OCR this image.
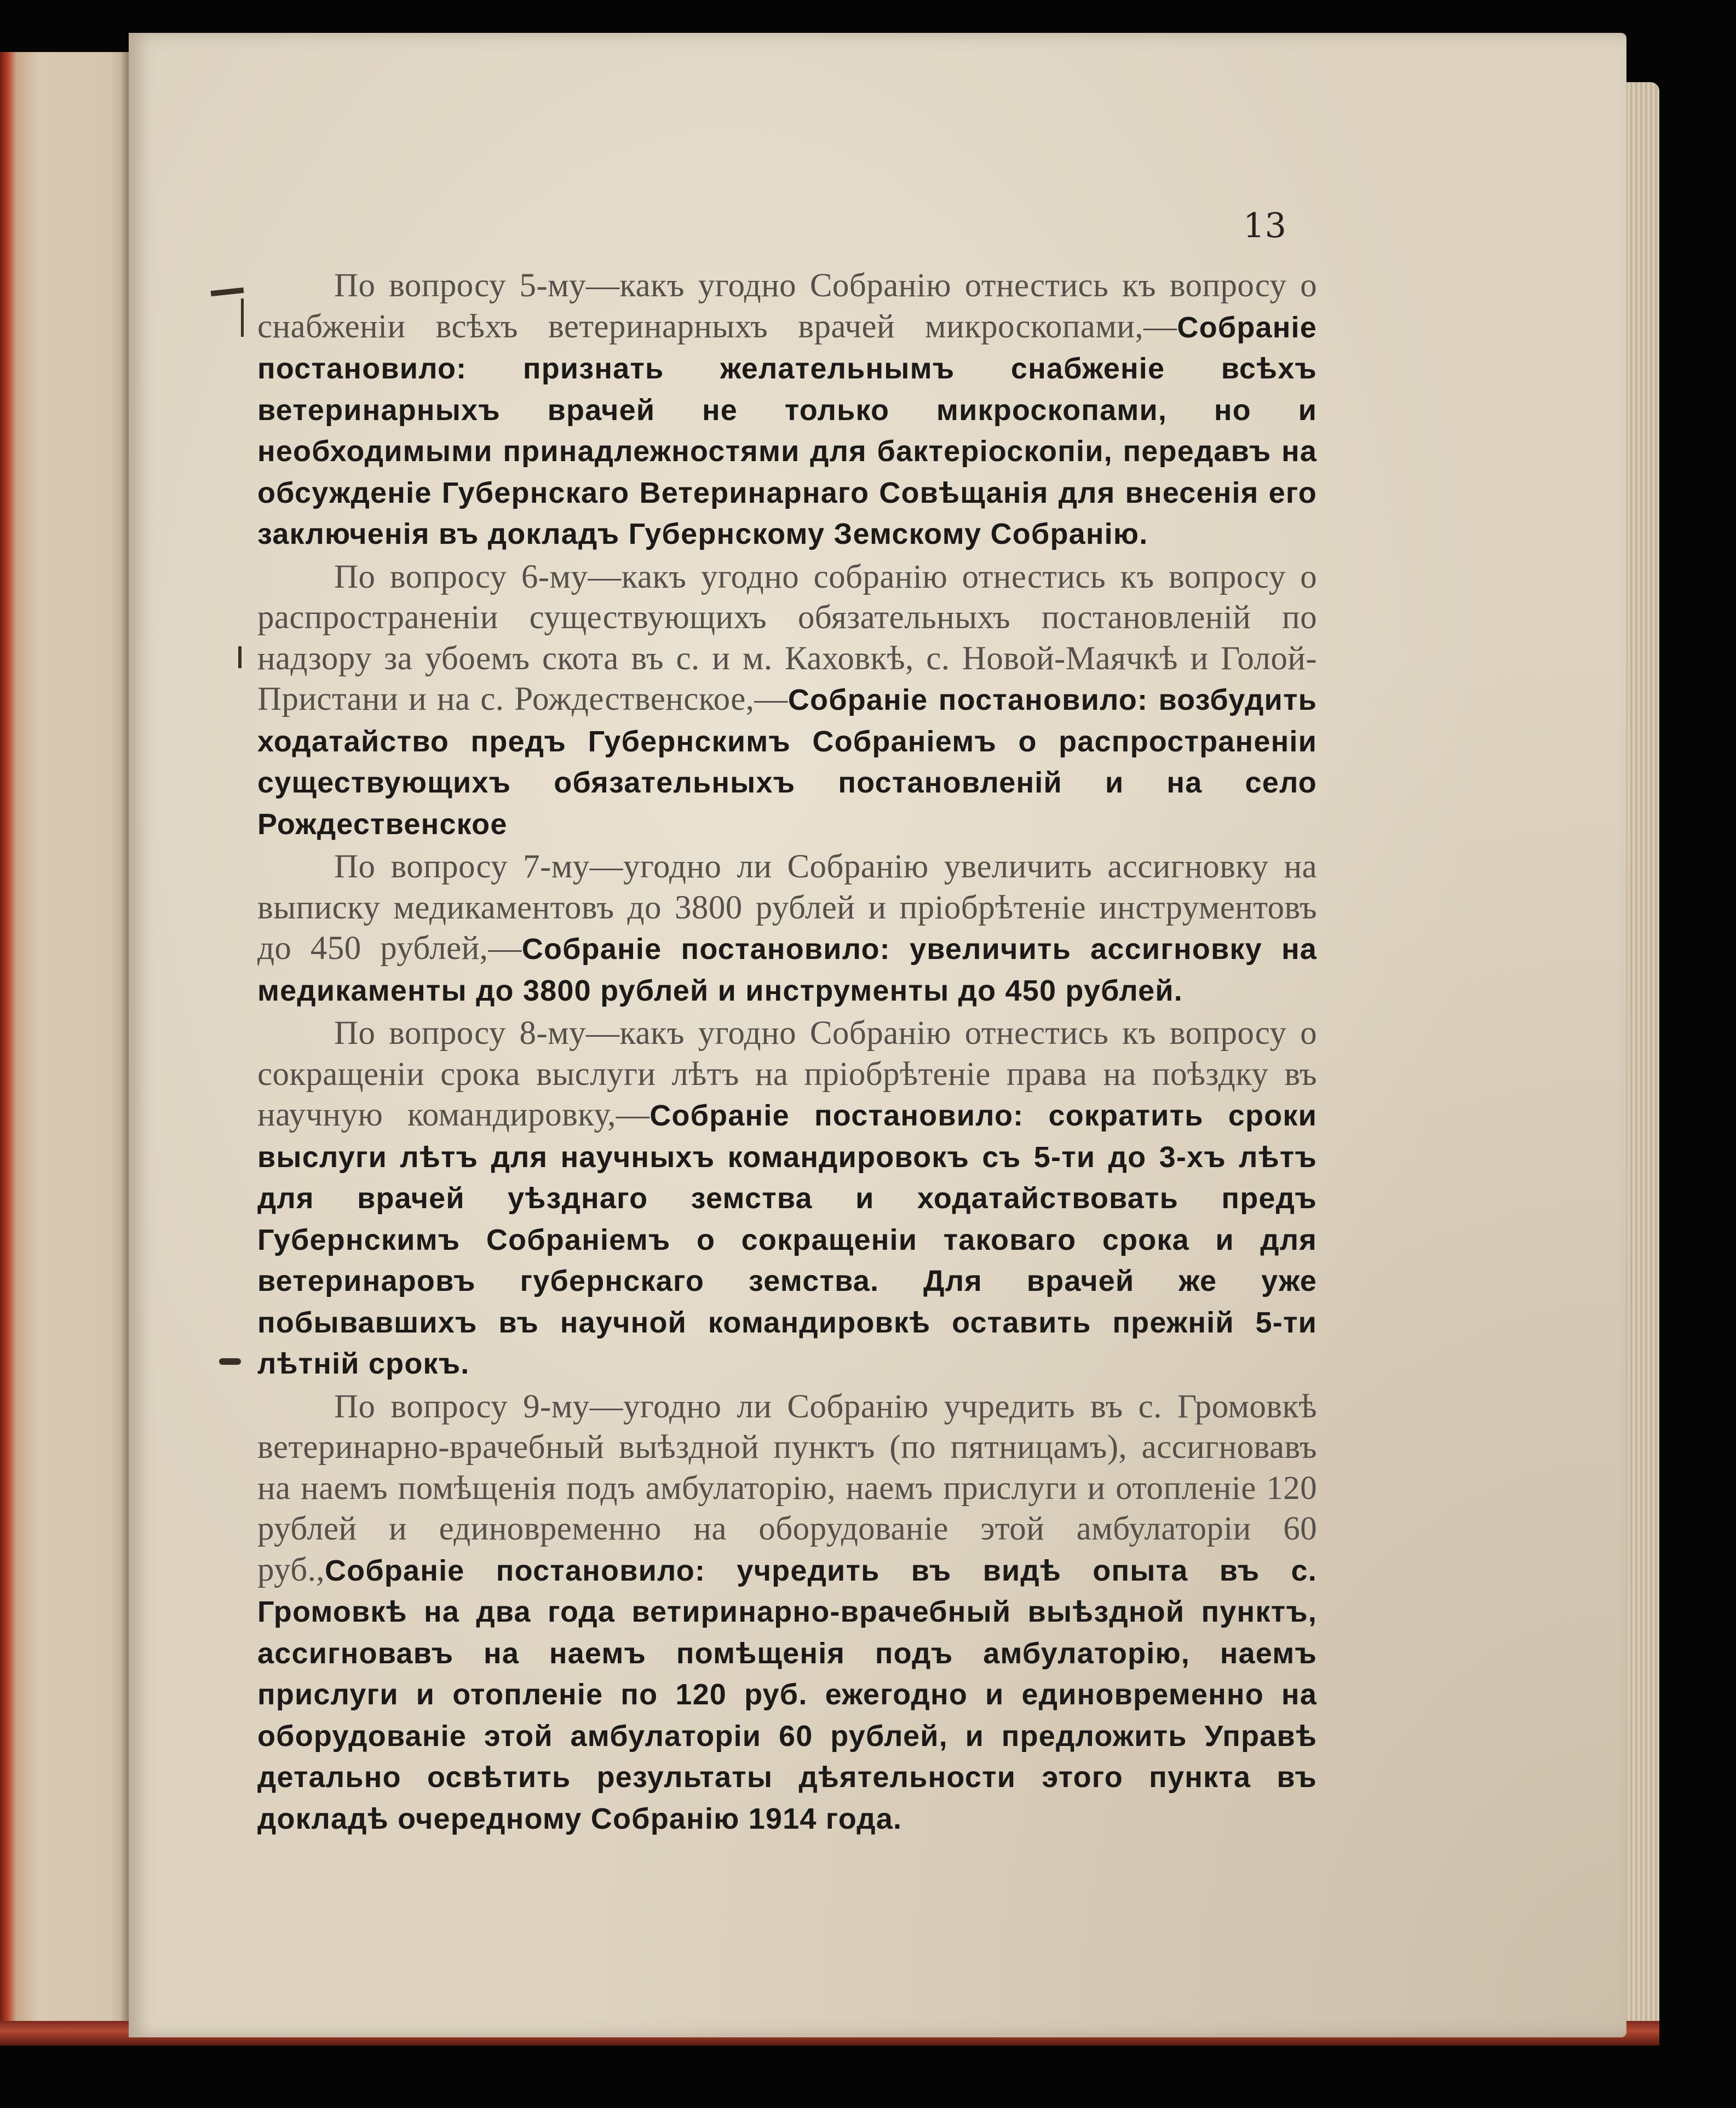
13

По вопросу 5-му—какъ угодно Собранію отнестись къ вопросу о снабженіи всѣхъ ветеринарныхъ врачей микроскопами,—Собраніе постановило: признать желательнымъ снабженіе всѣхъ ветеринарныхъ врачей не только микроскопами, но и необходимыми принадлежностями для бактеріоскопіи, передавъ на обсужденіе Губернскаго Ветеринарнаго Совѣщанія для внесенія его заключенія въ докладъ Губернскому Земскому Собранію.

По вопросу 6-му—какъ угодно собранію отнестись къ вопросу о распространеніи существующихъ обязательныхъ постановленій по надзору за убоемъ скота въ с. и м. Каховкѣ, с. Новой-Маячкѣ и Голой-Пристани и на с. Рождественское,—Собраніе постановило: возбудить ходатайство предъ Губернскимъ Собраніемъ о распространеніи существующихъ обязательныхъ постановленій и на село Рождественское

По вопросу 7-му—угодно ли Собранію увеличить ассигновку на выписку медикаментовъ до 3800 рублей и пріобрѣтеніе инструментовъ до 450 рублей,—Собраніе постановило: увеличить ассигновку на медикаменты до 3800 рублей и инструменты до 450 рублей.

По вопросу 8-му—какъ угодно Собранію отнестись къ вопросу о сокращеніи срока выслуги лѣтъ на пріобрѣтеніе права на поѣздку въ научную командировку,—Собраніе постановило: сократить сроки выслуги лѣтъ для научныхъ командировокъ съ 5-ти до 3-хъ лѣтъ для врачей уѣзднаго земства и ходатайствовать предъ Губернскимъ Собраніемъ о сокращеніи таковаго срока и для ветеринаровъ губернскаго земства. Для врачей же уже побывавшихъ въ научной командировкѣ оставить прежній 5-ти лѣтній срокъ.

По вопросу 9-му—угодно ли Собранію учредить въ с. Громовкѣ ветеринарно-врачебный выѣздной пунктъ (по пятницамъ), ассигновавъ на наемъ помѣщенія подъ амбулаторію, наемъ прислуги и отопленіе 120 рублей и единовременно на оборудованіе этой амбулаторіи 60 руб.,Собраніе постановило: учредить въ видѣ опыта въ с. Громовкѣ на два года ветиринарно-врачебный выѣздной пунктъ, ассигновавъ на наемъ помѣщенія подъ амбулаторію, наемъ прислуги и отопленіе по 120 руб. ежегодно и единовременно на оборудованіе этой амбулаторіи 60 рублей, и предложить Управѣ детально освѣтить результаты дѣятельности этого пункта въ докладѣ очередному Собранію 1914 года.
